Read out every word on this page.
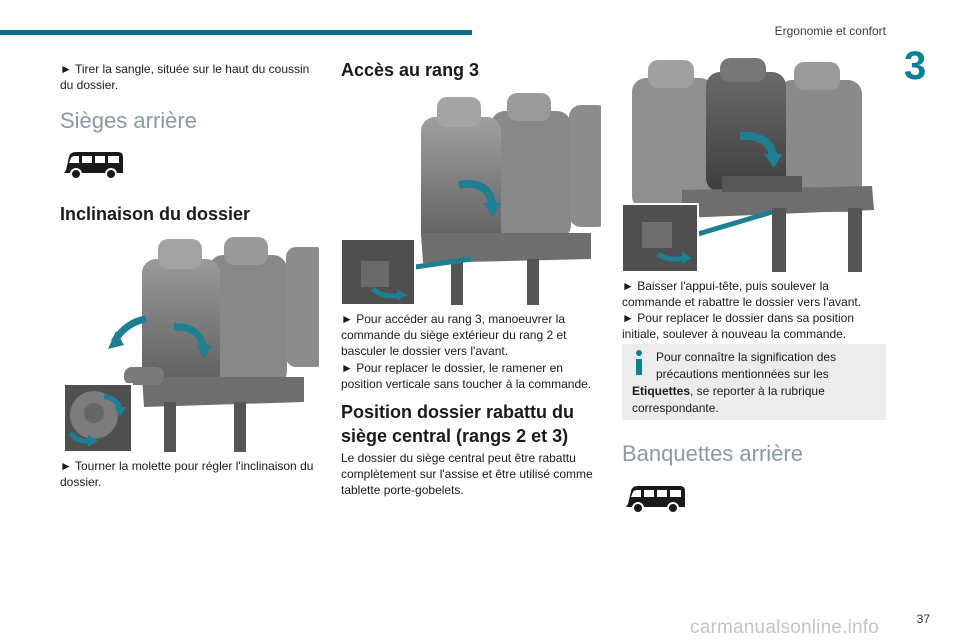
Ergonomie et confort
3
► Tirer la sangle, située sur le haut du coussin du dossier.
Sièges arrière
Inclinaison du dossier
► Tourner la molette pour régler l'inclinaison du dossier.
Accès au rang 3
► Pour accéder au rang 3, manoeuvrer la commande du siège extérieur du rang 2 et basculer le dossier vers l'avant.
► Pour replacer le dossier, le ramener en position verticale sans toucher à la commande.
Position dossier rabattu du siège central (rangs 2 et 3)
Le dossier du siège central peut être rabattu complètement sur l'assise et être utilisé comme tablette porte-gobelets.
► Baisser l'appui-tête, puis soulever la commande et rabattre le dossier vers l'avant.
► Pour replacer le dossier dans sa position initiale, soulever à nouveau la commande.
Pour connaître la signification des
précautions mentionnées sur les
Etiquettes, se reporter à la rubrique
correspondante.
Banquettes arrière
carmanualsonline.info	37
